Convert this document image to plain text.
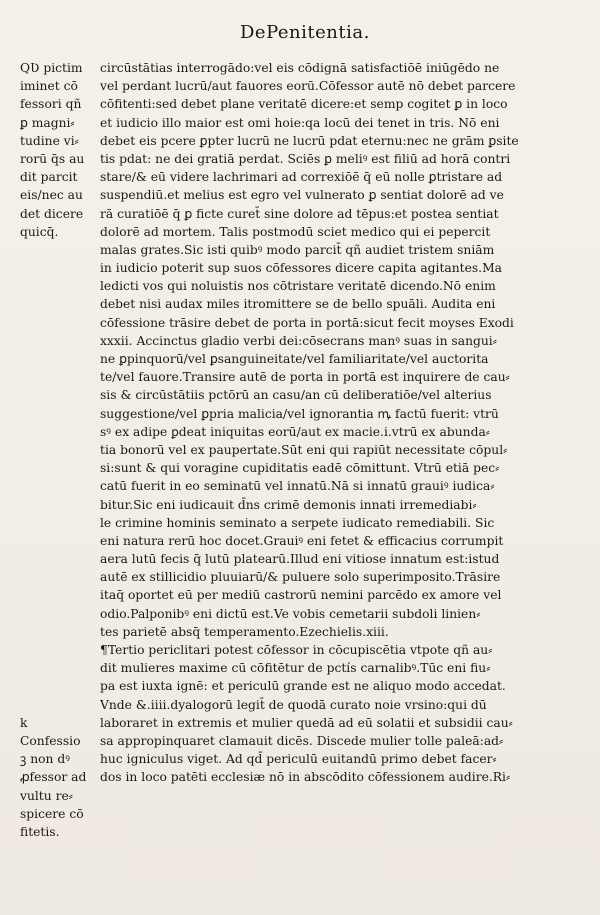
DePenitentia.
QƲ pictim
iminet cō
fessori qñ
ꝑ magni⸗
tudine vi⸗
rorū q̄s au
dit parcit
eis/nec au
det dicere
quicq̄.
k
Confessio
ꝫ non dꝰ
ꝓfessor ad
vultu re⸗
spicere cō
fitetis.
circūstātias interrogādo:vel eis cōdignā satisfactiōē iniūgēdo ne
vel perdant lucrū/aut fauores eorū.Cōfessor autē nō debet parcere
cōfitenti:sed debet plane veritatē dicere:et semp cogitet ꝑ in loco
et iudicio illo maior est omi hoie:qa locū dei tenet in tris. Nō eni
debet eis pcere ꝑpter lucrū ne lucrū pdat eternu:nec ne grām ꝑsite
tis pdat: ne dei gratiā perdat. Sciēs ꝑ meliꝰ est filiū ad horā contri
stare/& eū videre lachrimari ad correxiōē q̄ eū nolle ꝑtristare ad
suspendiū.et melius est egro vel vulnerato ꝑ sentiat dolorē ad ve
rā curatiōē q̄ ꝑ ficte curet̄ sine dolore ad tēpus:et postea sentiat
dolorē ad mortem. Talis postmodū sciet medico qui ei pepercit
malas grates.Sic isti quibꝰ modo parcit̄ qñ audiet tristem sniām
in iudicio poterit sup suos cōfessores dicere capita agitantes.Ma
ledicti vos qui noluistis nos cōtristare veritatē dicendo.Nō enim
debet nisi audax miles itromittere se de bello spuāli. Audita eni
cōfessione trāsire debet de porta in portā:sicut fecit moyses Exodi
xxxii. Accinctus gladio verbi dei:cōsecrans manꝰ suas in sangui⸗
ne ꝑpinquorū/vel ꝑsanguineitate/vel familiaritate/vel auctorita
te/vel fauore.Transire autē de porta in portā est inquirere de cau⸗
sis & circūstātiis pctōrū an casu/an cū deliberatiōe/vel alterius
suggestione/vel ꝑpria malicia/vel ignorantia ꝳ factū fuerit: vtrū
sꝰ ex adipe ꝑdeat iniquitas eorū/aut ex macie.i.vtrū ex abunda⸗
tia bonorū vel ex paupertate.Sūt eni qui rapiūt necessitate cōpul⸗
si:sunt & qui voragine cupiditatis eadē cōmittunt. Vtrū etiā pec⸗
catū fuerit in eo seminatū vel innatū.Nā si innatū grauiꝰ iudica⸗
bitur.Sic eni iudicauit d̄ns crimē demonis innati irremediabi⸗
le crimine hominis seminato a serpete iudicato remediabili. Sic
eni natura rerū hoc docet.Grauiꝰ eni fetet & efficacius corrumpit
aera lutū fecis q̄ lutū platearū.Illud eni vitiose innatum est:istud
autē ex stillicidio pluuiarū/& puluere solo superimposito.Trāsire
itaq̄ oportet eū per mediū castrorū nemini parcēdo ex amore vel
odio.Palponibꝰ eni dictū est.Ve vobis cemetarii subdoli linien⸗
tes parietē absq̄ temperamento.Ezechielis.xiii.
¶Tertio periclitari potest cōfessor in cōcupiscētia vtpote qñ au⸗
dit mulieres maxime cū cōfitētur de pctís carnalibꝰ.Tūc eni fiu⸗
pa est iuxta ignē: et periculū grande est ne aliquo modo accedat.
Vnde &.iiii.dyalogorū legit̄ de quodā curato noie vrsino:qui dū
laboraret in extremis et mulier quedā ad eū solatii et subsidii cau⸗
sa appropinquaret clamauit dicēs. Discede mulier tolle paleā:ad⸗
huc igniculus viget. Ad qd̄ periculū euitandū primo debet facer⸗
dos in loco patēti ecclesiæ nō in abscōdito cōfessionem audire.Ri⸗
